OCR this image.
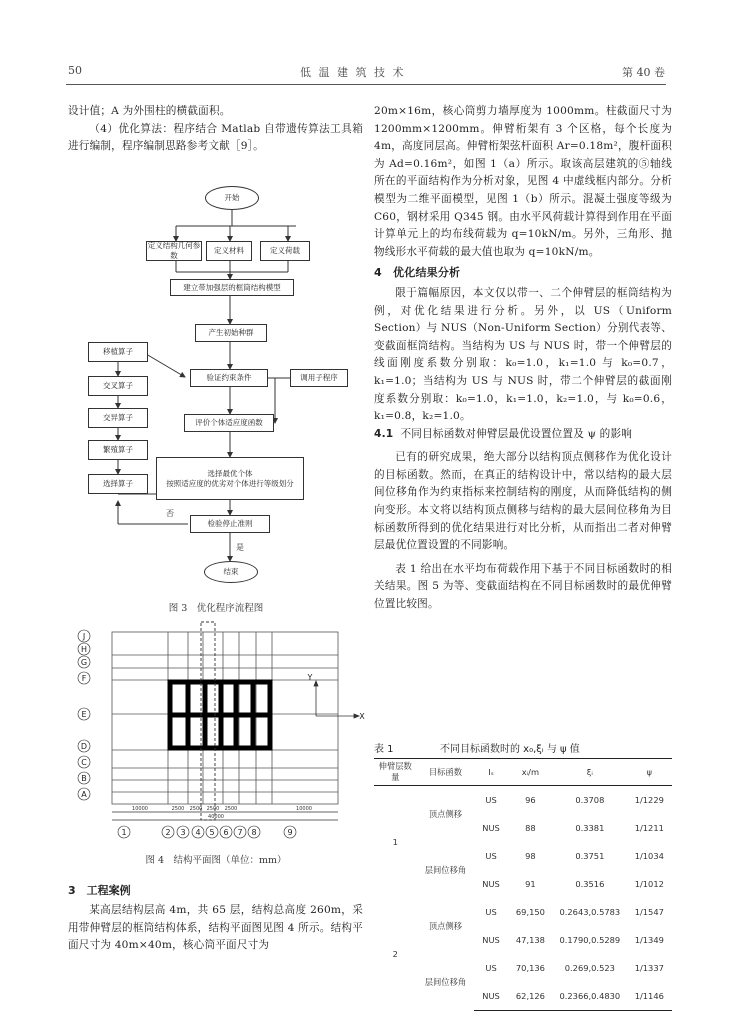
50	低 温 建 筑 技 术	第 40 卷

设计值；A 为外围柱的横截面积。

（4）优化算法：程序结合 Matlab 自带遗传算法工具箱进行编制，程序编制思路参考文献［9］。

开始
定义结构几何参数
定义材料	定义荷载
建立带加强层的框筒结构模型
产生初始种群
验证约束条件	调用子程序
评价个体适应度函数
选择最优个体
按照适应度的优劣对个体进行等级划分
检验停止准则
结束
移植算子
交叉算子
交异算子
繁殖算子
选择算子
否
是
图 3　优化程序流程图
X
Y
10000	2500 2500 2500 2500	10000
40000
J
H
G
F
E
D
C
B
A
1	2 3 4 5 6 7 8	9
图 4　结构平面图（单位：mm）
3　工程案例

某高层结构层高 4m，共 65 层，结构总高度 260m，采用带伸臂层的框筒结构体系，结构平面图见图 4 所示。结构平面尺寸为 40m×40m，核心筒平面尺寸为

20m×16m，核心筒剪力墙厚度为 1000mm。柱截面尺寸为 1200mm×1200mm。伸臂桁架有 3 个区格，每个长度为 4m，高度同层高。伸臂桁架弦杆面积 Ar=0.18m²，腹杆面积为 Ad=0.16m²，如图 1（a）所示。取该高层建筑的⑤轴线所在的平面结构作为分析对象，见图 4 中虚线框内部分。分析模型为二维平面模型，见图 1（b）所示。混凝土强度等级为 C60，钢材采用 Q345 钢。由水平风荷载计算得到作用在平面计算单元上的均布线荷载为 q=10kN/m。另外，三角形、抛物线形水平荷载的最大值也取为 q=10kN/m。

4　优化结果分析

限于篇幅原因，本文仅以带一、二个伸臂层的框筒结构为例，对优化结果进行分析。另外，以 US（Uniform Section）与 NUS（Non-Uniform Section）分别代表等、变截面框筒结构。当结构为 US 与 NUS 时，带一个伸臂层的线面刚度系数分别取：k₀=1.0，k₁=1.0 与 k₀=0.7，k₁=1.0；当结构为 US 与 NUS 时，带二个伸臂层的截面刚度系数分别取：k₀=1.0，k₁=1.0，k₂=1.0，与 k₀=0.6，k₁=0.8，k₂=1.0。

4.1 不同目标函数对伸臂层最优设置位置及 ψ 的影响

已有的研究成果，绝大部分以结构顶点侧移作为优化设计的目标函数。然而，在真正的结构设计中，常以结构的最大层间位移角作为约束指标来控制结构的刚度，从而降低结构的侧向变形。本文将以结构顶点侧移与结构的最大层间位移角为目标函数所得到的优化结果进行对比分析，从而指出二者对伸臂层最优位置设置的不同影响。

表 1 给出在水平均布荷载作用下基于不同目标函数时的相关结果。图 5 为等、变截面结构在不同目标函数时的最优伸臂位置比较图。

表 1	不同目标函数时的 x₀,ξᵢ 与 ψ 值
伸臂层数量	目标函数	Iₛ	xᵢ/m	ξᵢ	ψ
1	顶点侧移	US	96	0.3708	1/1229
		NUS	88	0.3381	1/1211
	层间位移角	US	98	0.3751	1/1034
		NUS	91	0.3516	1/1012
2	顶点侧移	US	69,150	0.2643,0.5783	1/1547
		NUS	47,138	0.1790,0.5289	1/1349
	层间位移角	US	70,136	0.269,0.523	1/1337
		NUS	62,126	0.2366,0.4830	1/1146
